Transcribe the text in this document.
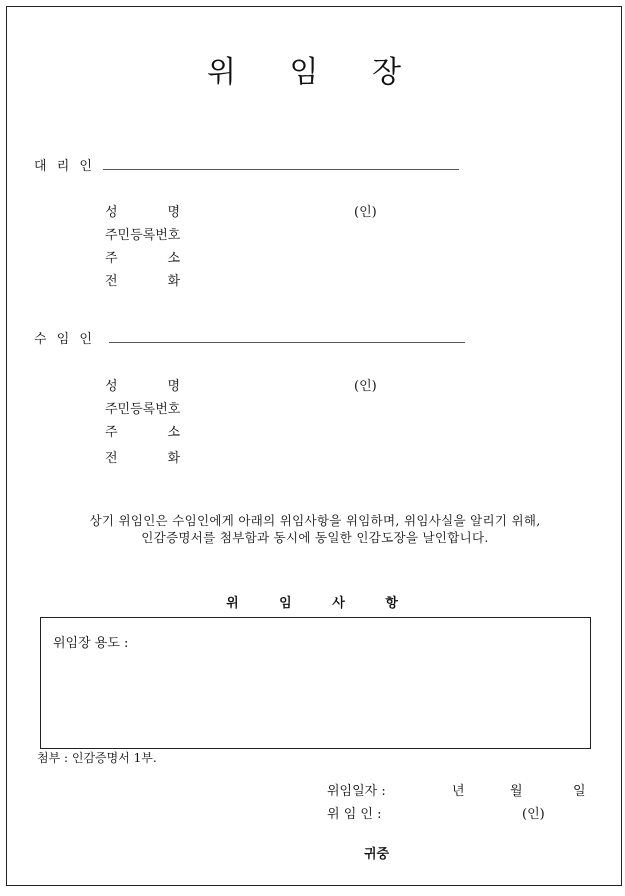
위 임 장
대 리 인
성	명	(인)
주민등록번호
주	소
전	화
수 임 인
성	명	(인)
주민등록번호
주	소
전	화
상기 위임인은 수임인에게 아래의 위임사항을 위임하며, 위임사실을 알리기 위해,
인감증명서를 첨부함과 동시에 동일한 인감도장을 날인합니다.
위 임 사 항
위임장 용도 :
첨부 : 인감증명서 1부.
위임일자 :	년	월	일
위 임 인 :	(인)
귀중
